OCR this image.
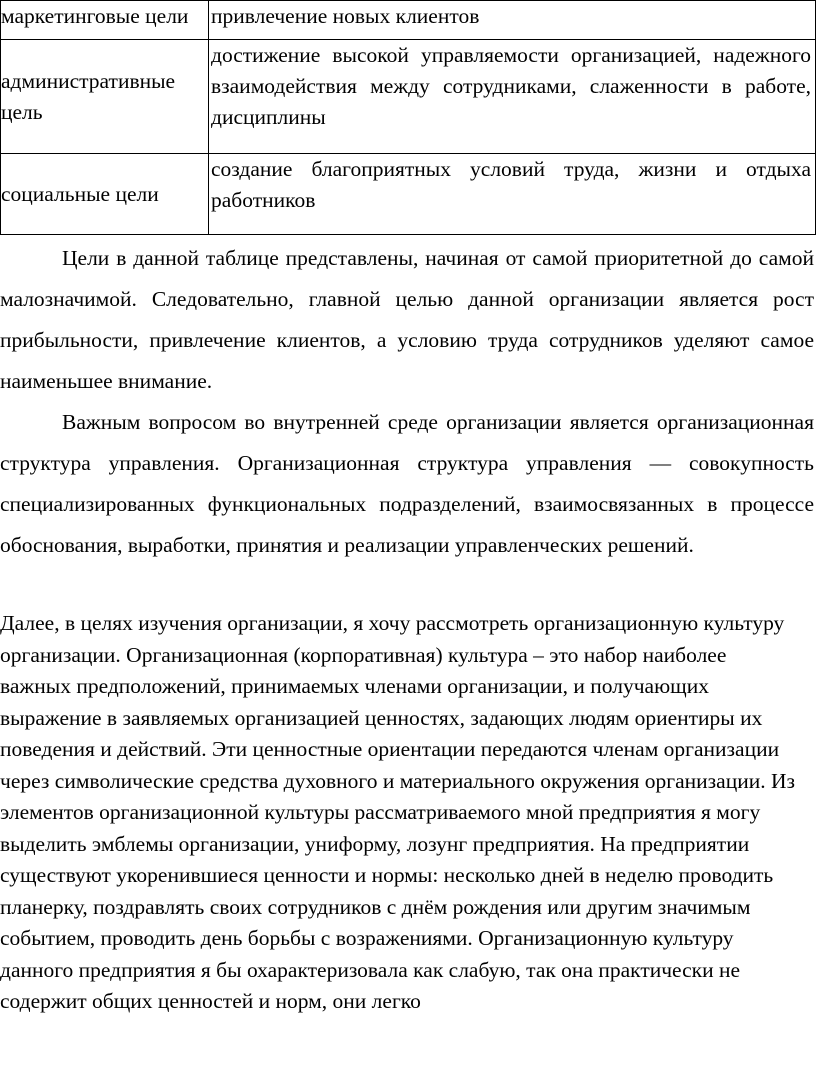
маркетинговые цели	привлечение новых клиентов
административные цель	достижение высокой управляемости организацией, надежного взаимодействия между сотрудниками, слаженности в работе, дисциплины
социальные цели	создание благоприятных условий труда, жизни и отдыха работников

Цели в данной таблице представлены, начиная от самой приоритетной до самой малозначимой. Следовательно, главной целью данной организации является рост прибыльности, привлечение клиентов, а условию труда сотрудников уделяют самое наименьшее внимание.

Важным вопросом во внутренней среде организации является организационная структура управления. Организационная структура управления — совокупность специализированных функциональных подразделений, взаимосвязанных в процессе обоснования, выработки, принятия и реализации управленческих решений.

Далее, в целях изучения организации, я хочу рассмотреть организационную культуру организации. Организационная (корпоративная) культура – это набор наиболее важных предположений, принимаемых членами организации, и получающих выражение в заявляемых организацией ценностях, задающих людям ориентиры их поведения и действий. Эти ценностные ориентации передаются членам организации через символические средства духовного и материального окружения организации. Из элементов организационной культуры рассматриваемого мной предприятия я могу выделить эмблемы организации, униформу, лозунг предприятия. На предприятии существуют укоренившиеся ценности и нормы: несколько дней в неделю проводить планерку, поздравлять своих сотрудников с днём рождения или другим значимым событием, проводить день борьбы с возражениями. Организационную культуру данного предприятия я бы охарактеризовала как слабую, так она практически не содержит общих ценностей и норм, они легко
